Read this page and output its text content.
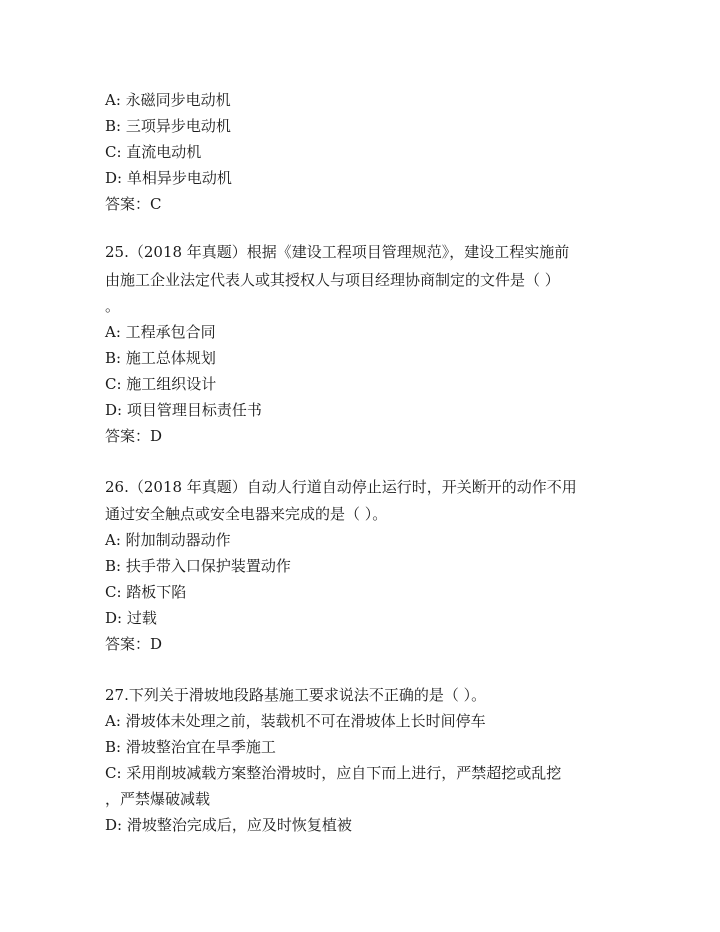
A: 永磁同步电动机
B: 三项异步电动机
C: 直流电动机
D: 单相异步电动机
答案：C
25.（2018 年真题）根据《建设工程项目管理规范》，建设工程实施前
由施工企业法定代表人或其授权人与项目经理协商制定的文件是（ ）
。
A: 工程承包合同
B: 施工总体规划
C: 施工组织设计
D: 项目管理目标责任书
答案：D
26.（2018 年真题）自动人行道自动停止运行时，开关断开的动作不用
通过安全触点或安全电器来完成的是（ ）。
A: 附加制动器动作
B: 扶手带入口保护装置动作
C: 踏板下陷
D: 过载
答案：D
27.下列关于滑坡地段路基施工要求说法不正确的是（ ）。
A: 滑坡体未处理之前，装载机不可在滑坡体上长时间停车
B: 滑坡整治宜在旱季施工
C: 采用削坡减载方案整治滑坡时，应自下而上进行，严禁超挖或乱挖
，严禁爆破减载
D: 滑坡整治完成后，应及时恢复植被
